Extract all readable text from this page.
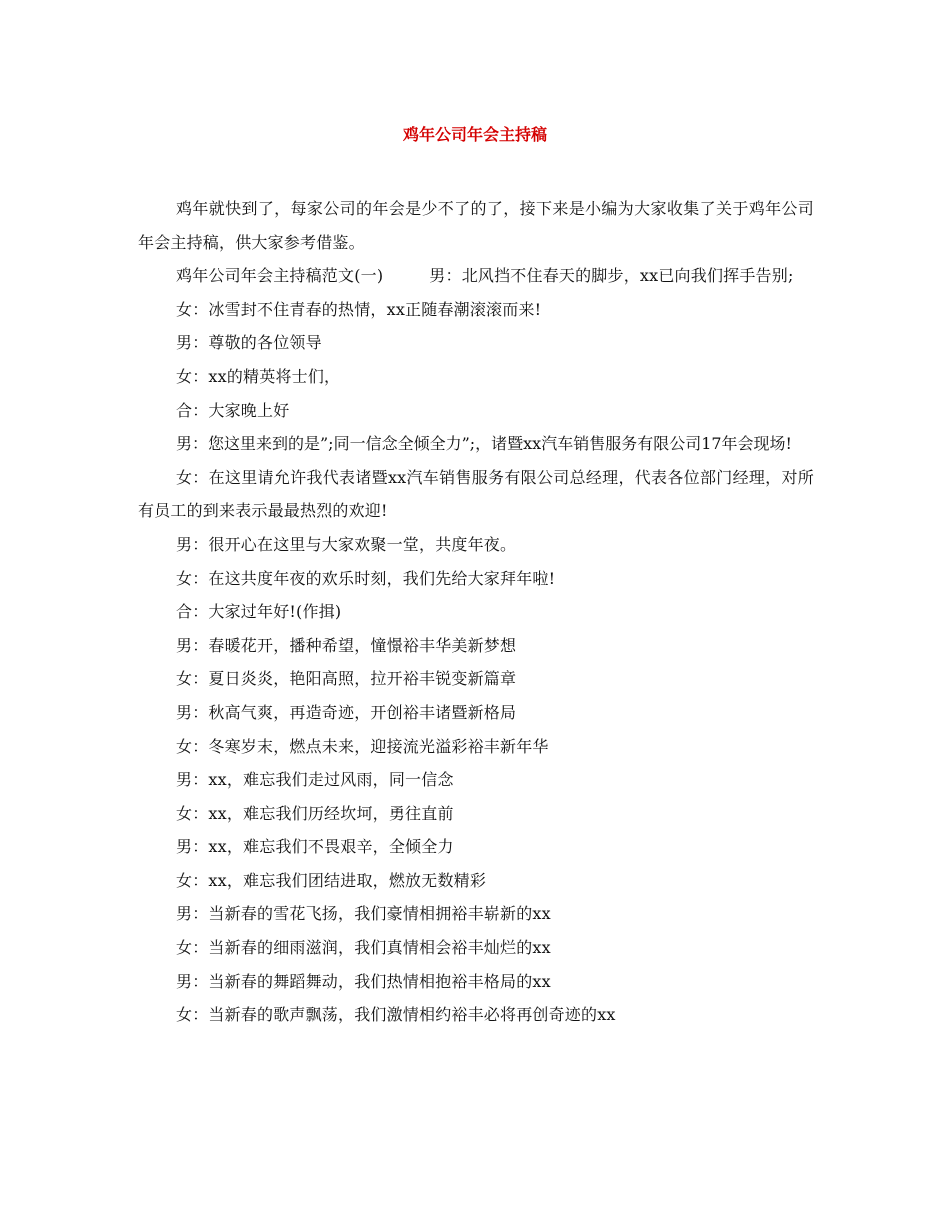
鸡年公司年会主持稿

鸡年就快到了，每家公司的年会是少不了的了，接下来是小编为大家收集了关于鸡年公司年会主持稿，供大家参考借鉴。

鸡年公司年会主持稿范文(一)	男：北风挡不住春天的脚步，xx已向我们挥手告别;

女：冰雪封不住青春的热情，xx正随春潮滚滚而来!

男：尊敬的各位领导

女：xx的精英将士们，

合：大家晚上好

男：您这里来到的是”;同一信念全倾全力”;，诸暨xx汽车销售服务有限公司17年会现场!

女：在这里请允许我代表诸暨xx汽车销售服务有限公司总经理，代表各位部门经理，对所有员工的到来表示最最热烈的欢迎!

男：很开心在这里与大家欢聚一堂，共度年夜。

女：在这共度年夜的欢乐时刻，我们先给大家拜年啦!

合：大家过年好!(作揖)

男：春暖花开，播种希望，憧憬裕丰华美新梦想

女：夏日炎炎，艳阳高照，拉开裕丰锐变新篇章

男：秋高气爽，再造奇迹，开创裕丰诸暨新格局

女：冬寒岁末，燃点未来，迎接流光溢彩裕丰新年华

男：xx，难忘我们走过风雨，同一信念

女：xx，难忘我们历经坎坷，勇往直前

男：xx，难忘我们不畏艰辛，全倾全力

女：xx，难忘我们团结进取，燃放无数精彩

男：当新春的雪花飞扬，我们豪情相拥裕丰崭新的xx

女：当新春的细雨滋润，我们真情相会裕丰灿烂的xx

男：当新春的舞蹈舞动，我们热情相抱裕丰格局的xx

女：当新春的歌声飘荡，我们激情相约裕丰必将再创奇迹的xx
